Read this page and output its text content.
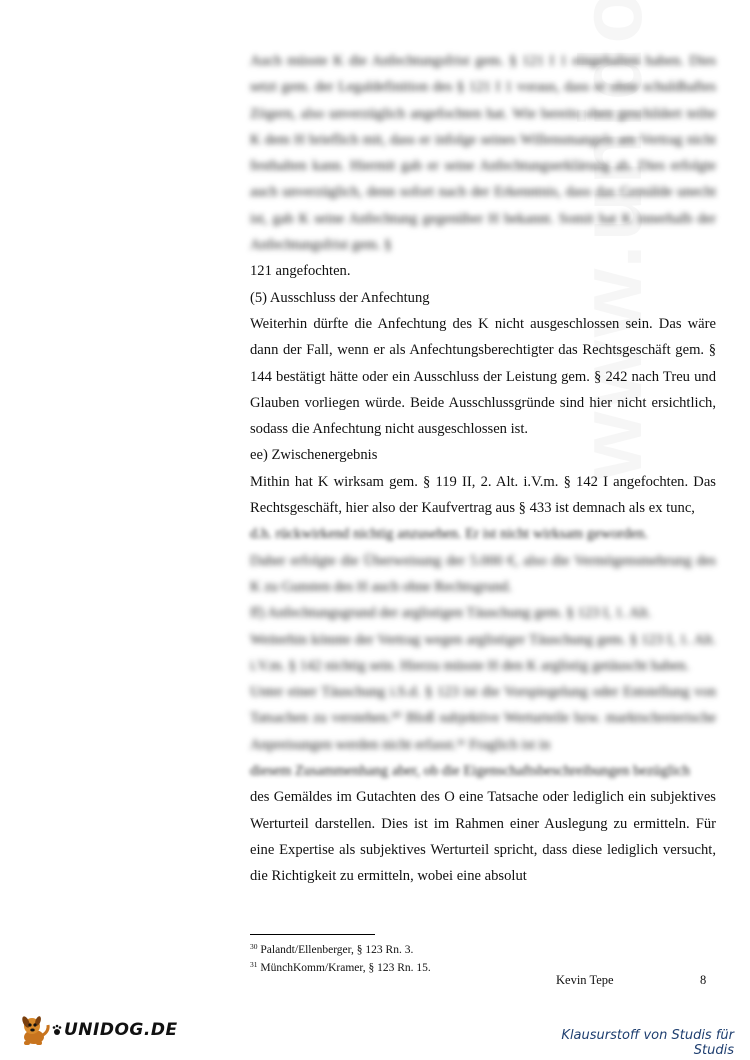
Auch müsste K die Anfechtungsfrist gem. § 121 I 1 eingehalten haben. Dies setzt gem. der Legaldefinition des § 121 I 1 voraus, dass er ohne schuldhaftes Zögern, also unverzüglich angefochten hat. Wie bereits oben geschildert teilte K dem H brieflich mit, dass er infolge seines Willensmangels am Vertrag nicht festhalten kann. Hiermit gab er seine Anfechtungserklärung ab. Dies erfolgte auch unverzüglich, denn sofort nach der Erkenntnis, dass das Gemälde unecht ist, gab K seine Anfechtung gegenüber H bekannt. Somit hat K innerhalb der Anfechtungsfrist gem. §

121 angefochten.

(5) Ausschluss der Anfechtung

Weiterhin dürfte die Anfechtung des K nicht ausgeschlossen sein. Das wäre dann der Fall, wenn er als Anfechtungsberechtigter das Rechtsgeschäft gem. § 144 bestätigt hätte oder ein Ausschluss der Leistung gem. § 242 nach Treu und Glauben vorliegen würde. Beide Ausschlussgründe sind hier nicht ersichtlich, sodass die Anfechtung nicht ausgeschlossen ist.

ee) Zwischenergebnis

Mithin hat K wirksam gem. § 119 II, 2. Alt. i.V.m. § 142 I angefochten. Das Rechtsgeschäft, hier also der Kaufvertrag aus § 433 ist demnach als ex tunc,

d.h. rückwirkend nichtig anzusehen. Er ist nicht wirksam geworden.

Daher erfolgte die Überweisung der 5.000 €, also die Vermögensmehrung des K zu Gunsten des H auch ohne Rechtsgrund.

ff) Anfechtungsgrund der arglistigen Täuschung gem. § 123 I, 1. Alt.

Weiterhin könnte der Vertrag wegen arglistiger Täuschung gem. § 123 I, 1. Alt. i.V.m. § 142 nichtig sein. Hierzu müsste H den K arglistig getäuscht haben.

Unter einer Täuschung i.S.d. § 123 ist die Vorspiegelung oder Entstellung von Tatsachen zu verstehen.³⁰ Bloß subjektive Werturteile bzw. marktschreierische Anpreisungen werden nicht erfasst.³¹ Fraglich ist in

diesem Zusammenhang aber, ob die Eigenschaftsbeschreibungen bezüglich

des Gemäldes im Gutachten des O eine Tatsache oder lediglich ein subjektives Werturteil darstellen. Dies ist im Rahmen einer Auslegung zu ermitteln. Für eine Expertise als subjektives Werturteil spricht, dass diese lediglich versucht, die Richtigkeit zu ermitteln, wobei eine absolut

$^{30}$ Palandt/Ellenberger, § 123 Rn. 3.
$^{31}$ MünchKomm/Kramer, § 123 Rn. 15.
Kevin Tepe	8
UNIDOG.DE	Klausurstoff von Studis für Studis
